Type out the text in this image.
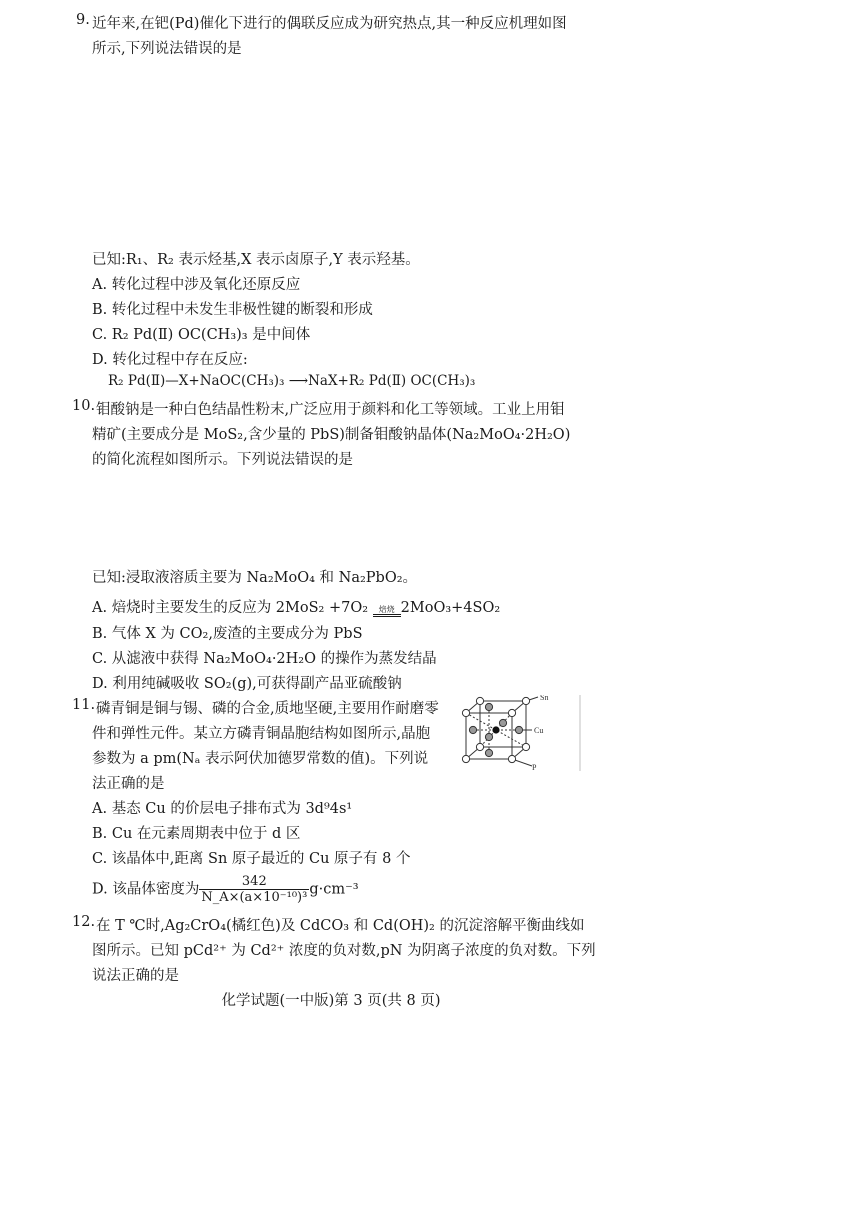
9. 近年来,在钯(Pd)催化下进行的偶联反应成为研究热点,其一种反应机理如图
所示,下列说法错误的是
已知:R₁、R₂ 表示烃基,X 表示卤原子,Y 表示羟基。
A. 转化过程中涉及氧化还原反应
B. 转化过程中未发生非极性键的断裂和形成
C. R₂ Pd(Ⅱ) OC(CH₃)₃ 是中间体
D. 转化过程中存在反应:
R₂ Pd(Ⅱ)—X+NaOC(CH₃)₃ ⟶NaX+R₂ Pd(Ⅱ) OC(CH₃)₃
10. 钼酸钠是一种白色结晶性粉末,广泛应用于颜料和化工等领域。工业上用钼
精矿(主要成分是 MoS₂,含少量的 PbS)制备钼酸钠晶体(Na₂MoO₄·2H₂O)
的简化流程如图所示。下列说法错误的是
已知:浸取液溶质主要为 Na₂MoO₄ 和 Na₂PbO₂。
A. 焙烧时主要发生的反应为 2MoS₂ +7O₂ 焙烧 2MoO₃+4SO₂
B. 气体 X 为 CO₂,废渣的主要成分为 PbS
C. 从滤液中获得 Na₂MoO₄·2H₂O 的操作为蒸发结晶
D. 利用纯碱吸收 SO₂(g),可获得副产品亚硫酸钠
11. 磷青铜是铜与锡、磷的合金,质地坚硬,主要用作耐磨零
件和弹性元件。某立方磷青铜晶胞结构如图所示,晶胞
参数为 a pm(Nₐ 表示阿伏加德罗常数的值)。下列说
法正确的是
A. 基态 Cu 的价层电子排布式为 3d⁹4s¹
B. Cu 在元素周期表中位于 d 区
C. 该晶体中,距离 Sn 原子最近的 Cu 原子有 8 个
D. 该晶体密度为 $\frac{342}{\text{N\_A×(a×10⁻¹⁰)³}} g\cdot cm^{-3}$
Sn
Cu
P
12. 在 T ℃时,Ag₂CrO₄(橘红色)及 CdCO₃ 和 Cd(OH)₂ 的沉淀溶解平衡曲线如
图所示。已知 pCd²⁺ 为 Cd²⁺ 浓度的负对数,pN 为阴离子浓度的负对数。下列
说法正确的是
化学试题(一中版)第 3 页(共 8 页)
